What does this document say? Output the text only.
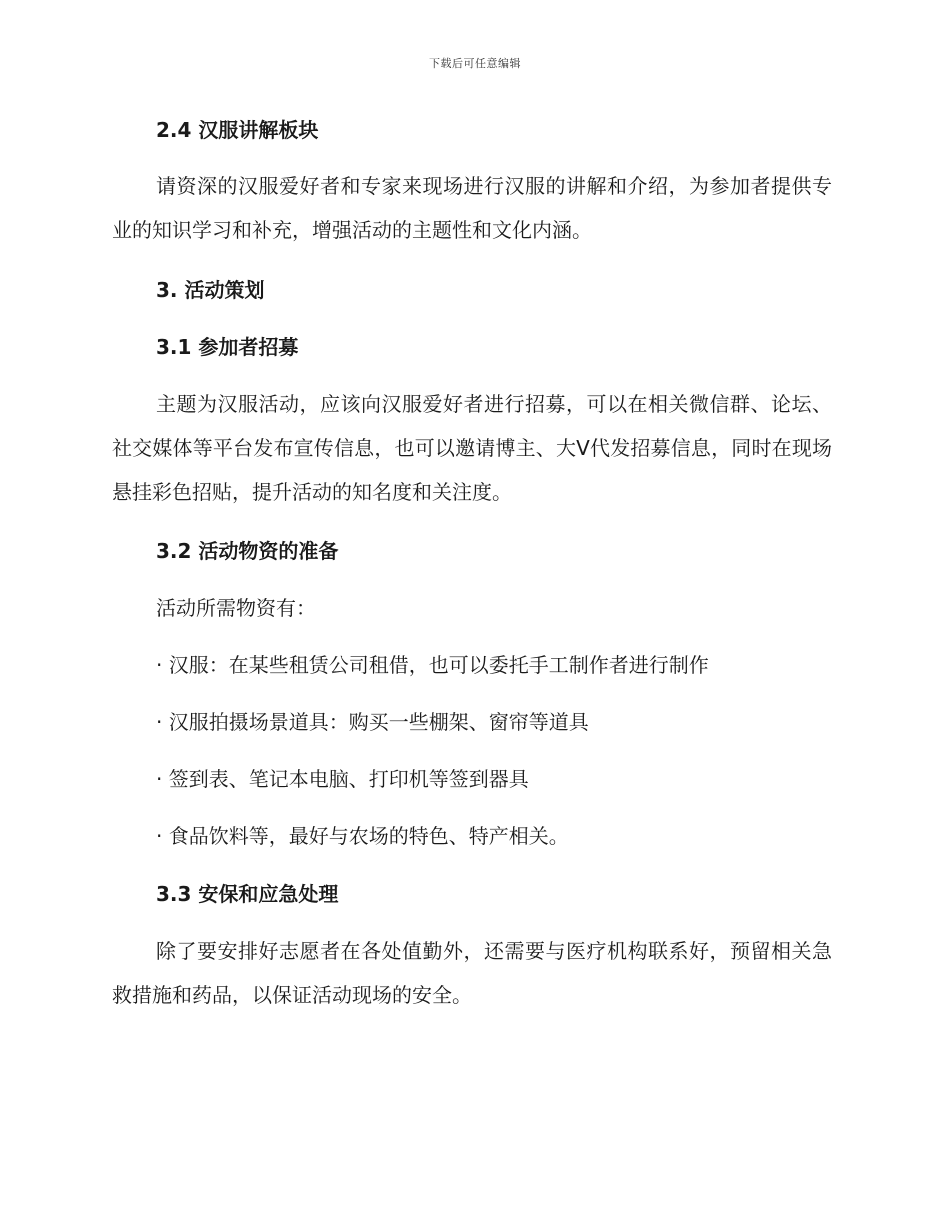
下载后可任意编辑
2.4 汉服讲解板块

请资深的汉服爱好者和专家来现场进行汉服的讲解和介绍，为参加者提供专业的知识学习和补充，增强活动的主题性和文化内涵。

3. 活动策划
3.1 参加者招募

主题为汉服活动，应该向汉服爱好者进行招募，可以在相关微信群、论坛、社交媒体等平台发布宣传信息，也可以邀请博主、大V代发招募信息，同时在现场悬挂彩色招贴，提升活动的知名度和关注度。

3.2 活动物资的准备

活动所需物资有：

· 汉服：在某些租赁公司租借，也可以委托手工制作者进行制作

· 汉服拍摄场景道具：购买一些棚架、窗帘等道具

· 签到表、笔记本电脑、打印机等签到器具

· 食品饮料等，最好与农场的特色、特产相关。

3.3 安保和应急处理

除了要安排好志愿者在各处值勤外，还需要与医疗机构联系好，预留相关急救措施和药品，以保证活动现场的安全。
